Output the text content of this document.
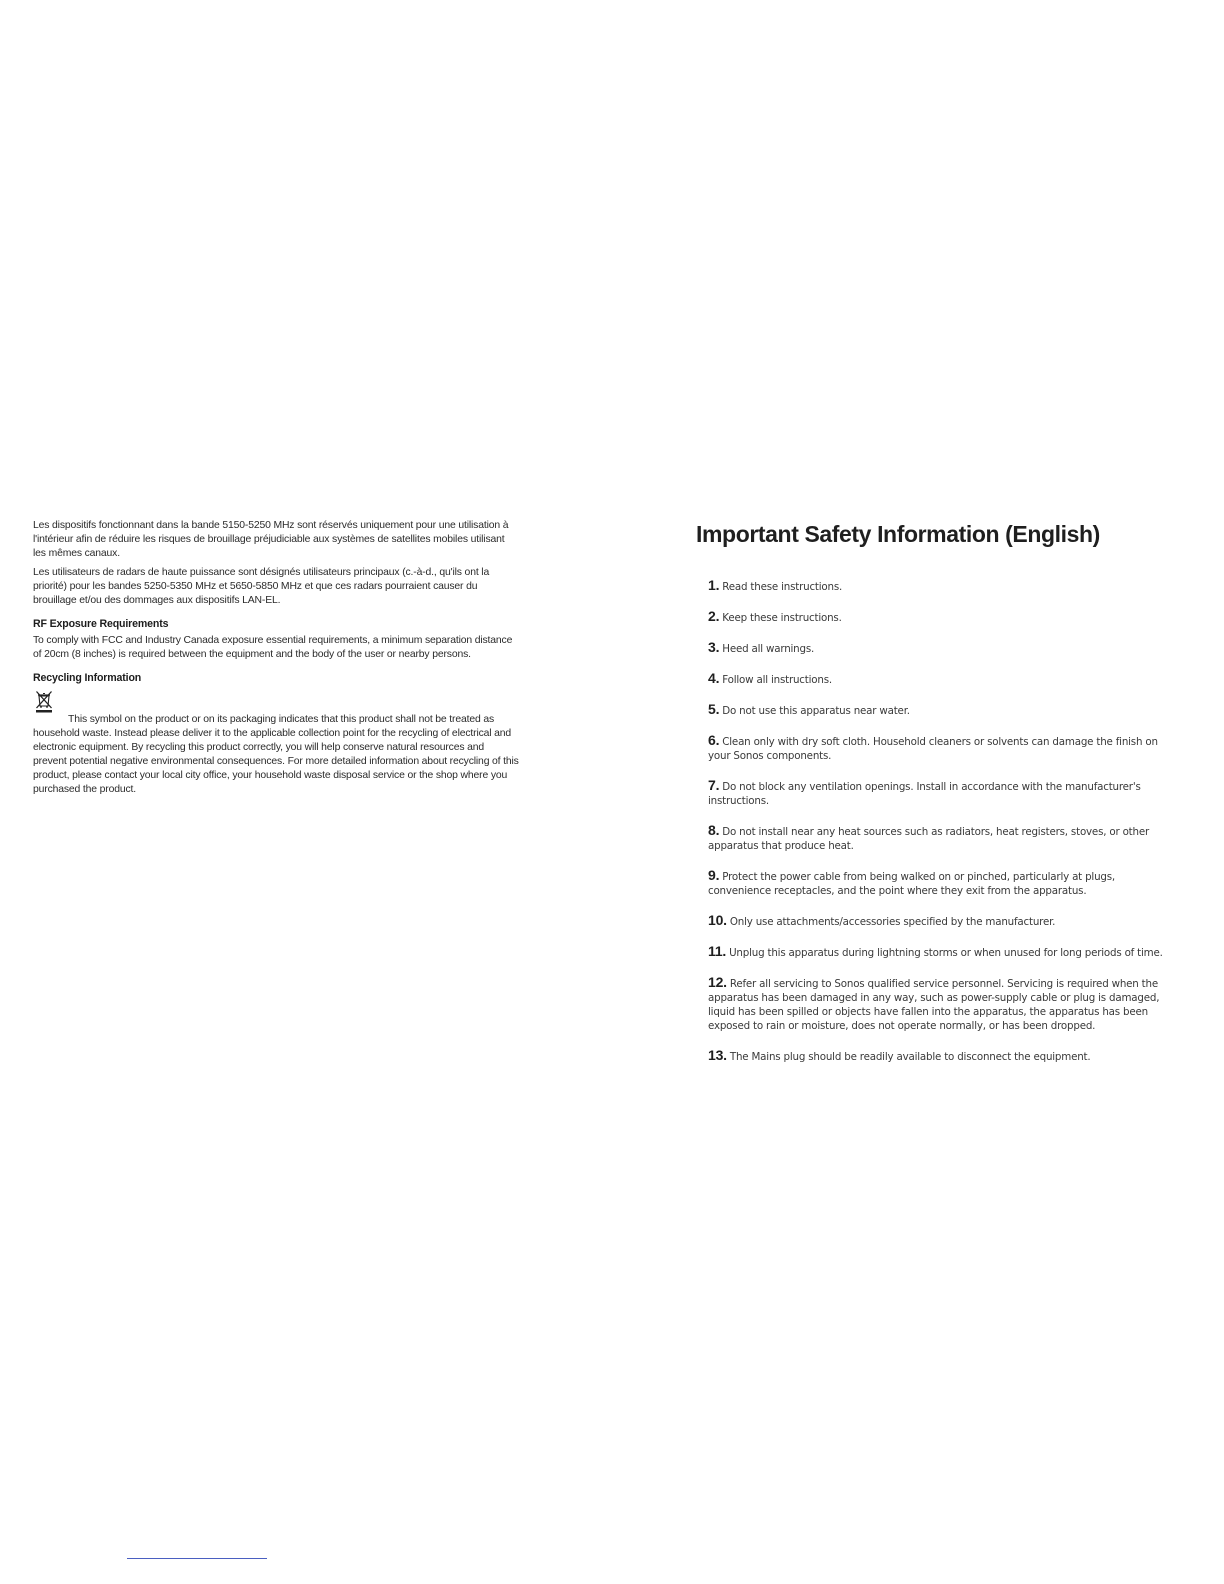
Les dispositifs fonctionnant dans la bande 5150-5250 MHz sont réservés uniquement pour une utilisation à l'intérieur afin de réduire les risques de brouillage préjudiciable aux systèmes de satellites mobiles utilisant les mêmes canaux.

Les utilisateurs de radars de haute puissance sont désignés utilisateurs principaux (c.-à-d., qu'ils ont la priorité) pour les bandes 5250-5350 MHz et 5650-5850 MHz et que ces radars pourraient causer du brouillage et/ou des dommages aux dispositifs LAN-EL.

RF Exposure Requirements

To comply with FCC and Industry Canada exposure essential requirements, a minimum separation distance of 20cm (8 inches) is required between the equipment and the body of the user or nearby persons.

Recycling Information

This symbol on the product or on its packaging indicates that this product shall not be treated as household waste. Instead please deliver it to the applicable collection point for the recycling of electrical and electronic equipment. By recycling this product correctly, you will help conserve natural resources and prevent potential negative environmental consequences. For more detailed information about recycling of this product, please contact your local city office, your household waste disposal service or the shop where you purchased the product.

Important Safety Information (English)
1. Read these instructions.
2. Keep these instructions.
3. Heed all warnings.
4. Follow all instructions.
5. Do not use this apparatus near water.
6. Clean only with dry soft cloth. Household cleaners or solvents can damage the finish on your Sonos components.
7. Do not block any ventilation openings. Install in accordance with the manufacturer's instructions.
8. Do not install near any heat sources such as radiators, heat registers, stoves, or other apparatus that produce heat.
9. Protect the power cable from being walked on or pinched, particularly at plugs, convenience receptacles, and the point where they exit from the apparatus.
10. Only use attachments/accessories specified by the manufacturer.
11. Unplug this apparatus during lightning storms or when unused for long periods of time.
12. Refer all servicing to Sonos qualified service personnel. Servicing is required when the apparatus has been damaged in any way, such as power-supply cable or plug is damaged, liquid has been spilled or objects have fallen into the apparatus, the apparatus has been exposed to rain or moisture, does not operate normally, or has been dropped.
13. The Mains plug should be readily available to disconnect the equipment.
